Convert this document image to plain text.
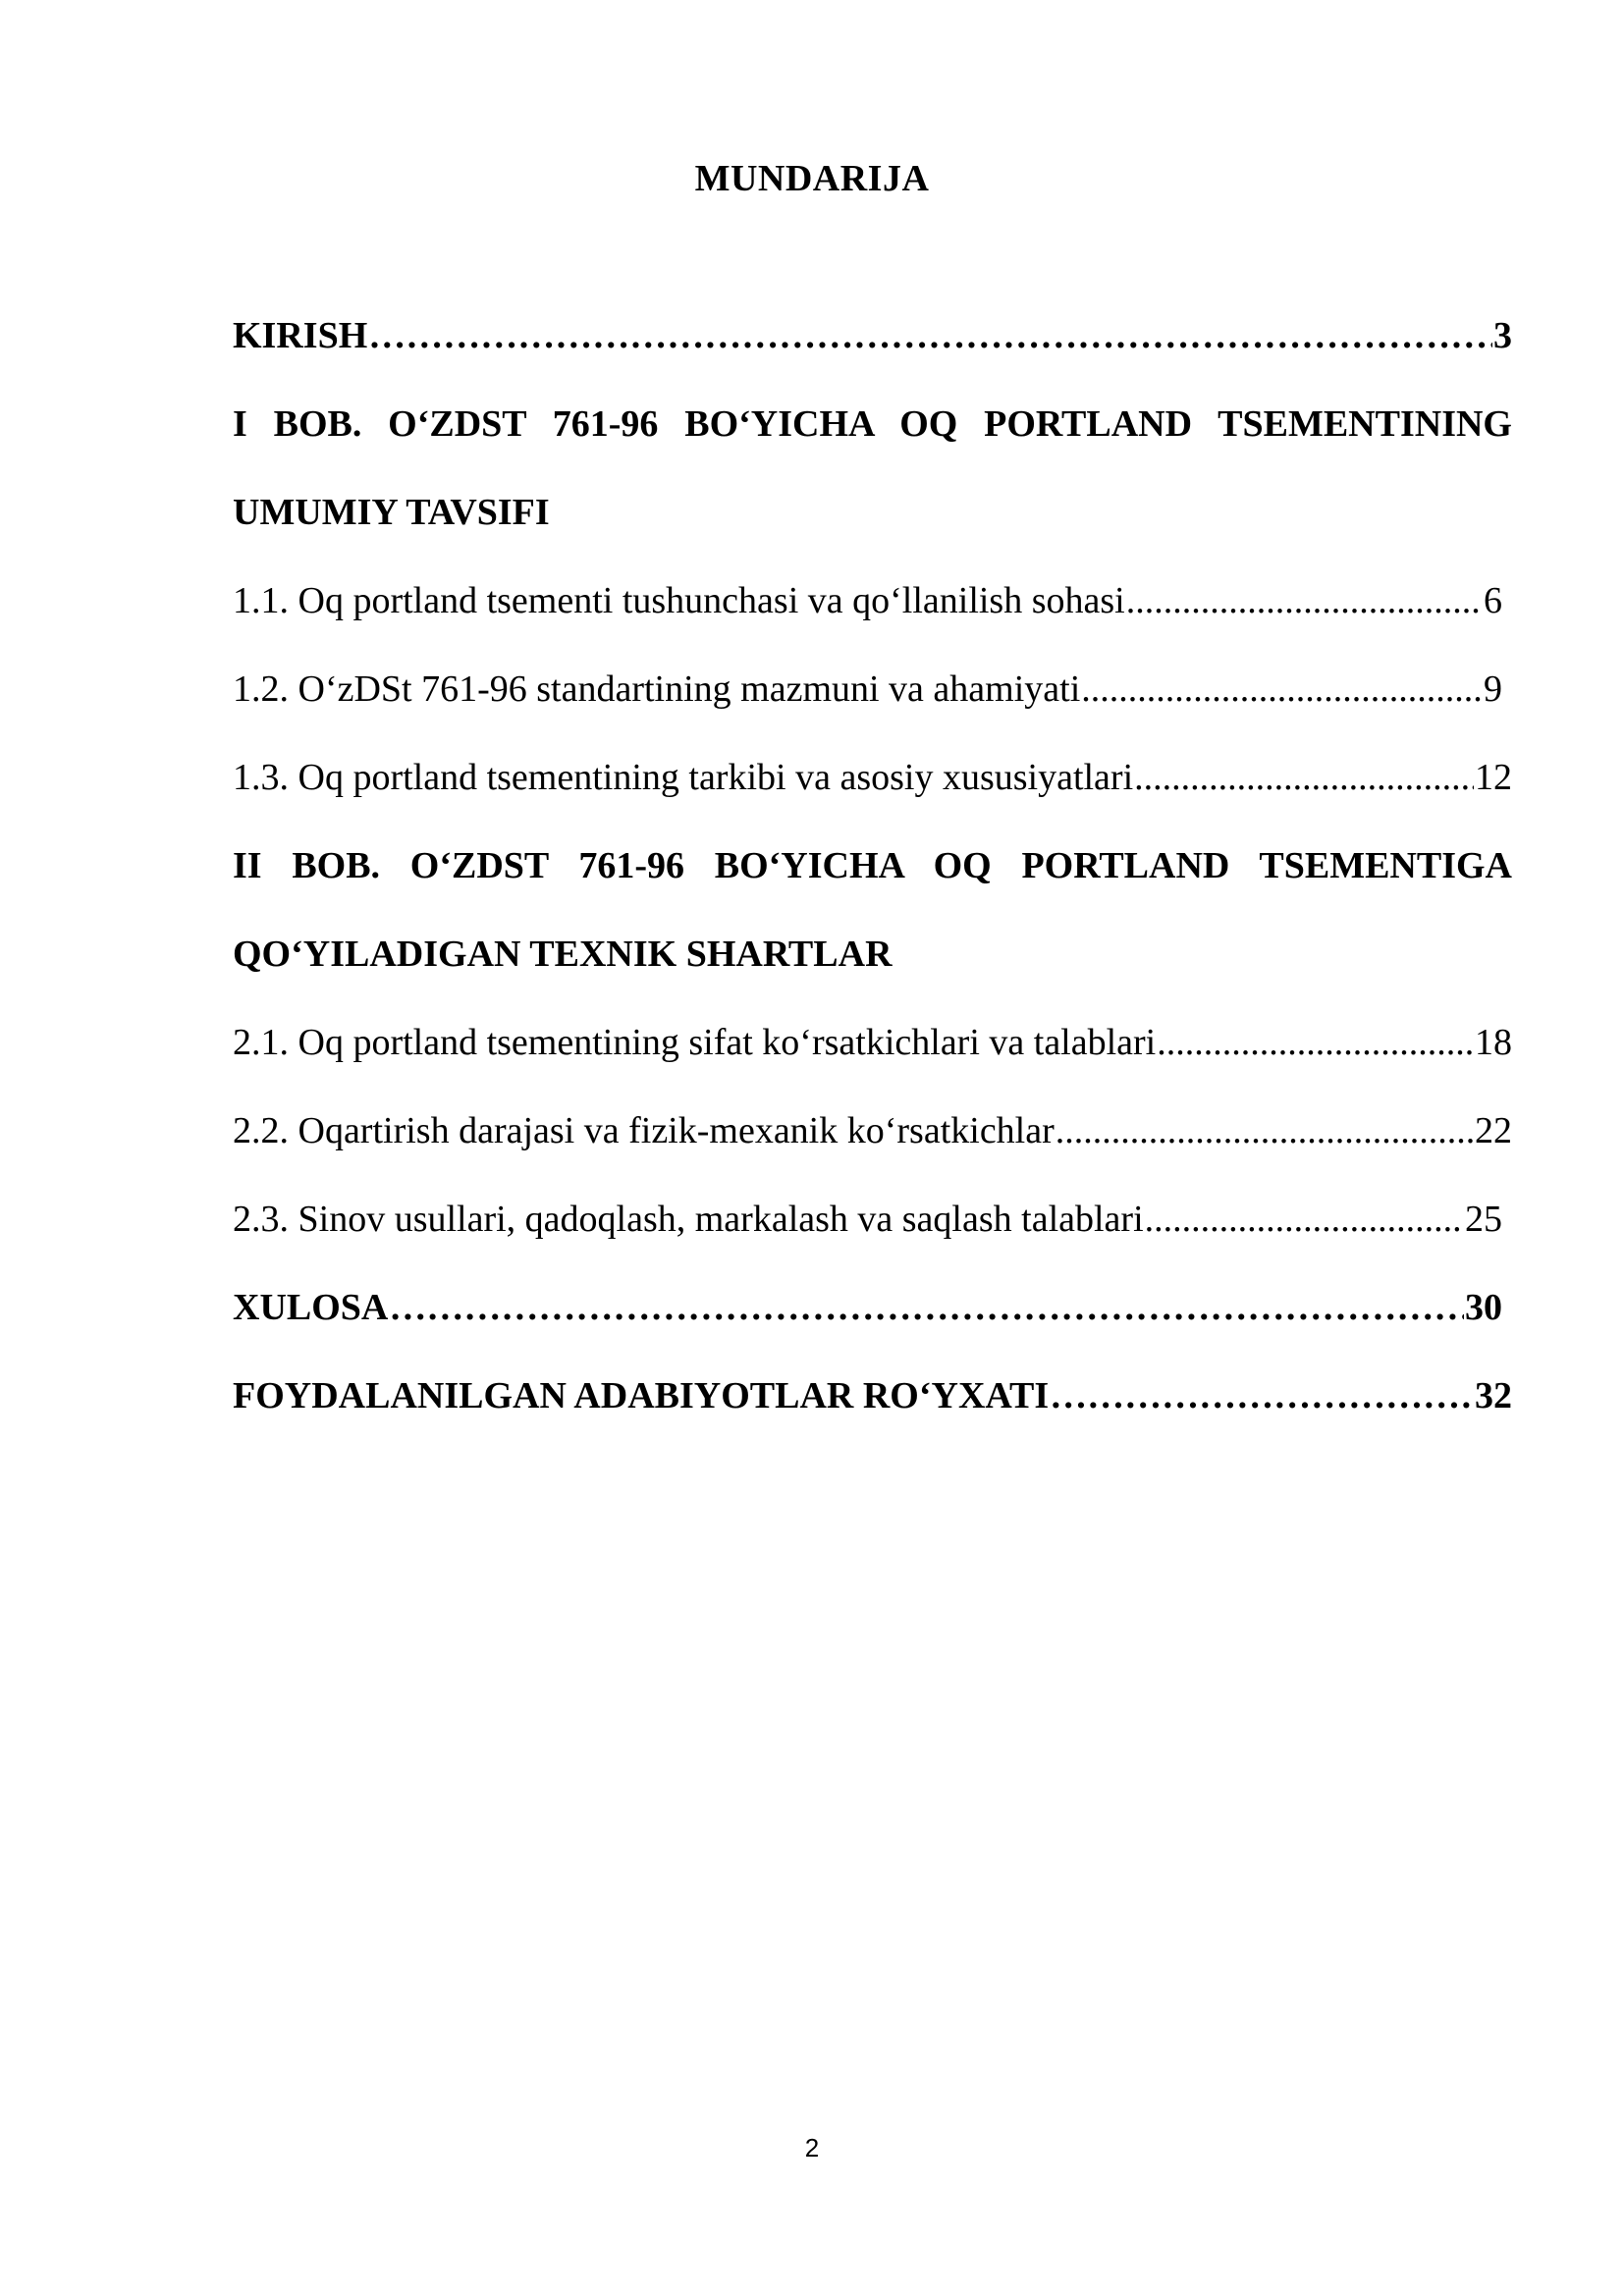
MUNDARIJA
KIRISH ………………………………………………………………………………………………………………………………………………………………………………	3
I BOB. O‘ZDST 761-96 BO‘YICHA OQ PORTLAND TSEMENTINING
UMUMIY TAVSIFI
1.1. Oq portland tsementi tushunchasi va qo‘llanilish sohasi .....	6
1.2. O‘zDSt 761-96 standartining mazmuni va ahamiyati .....	9
1.3. Oq portland tsementining tarkibi va asosiy xususiyatlari .....	12
II BOB. O‘ZDST 761-96 BO‘YICHA OQ PORTLAND TSEMENTIGA
QO‘YILADIGAN TEXNIK SHARTLAR
2.1. Oq portland tsementining sifat ko‘rsatkichlari va talablari .....	18
2.2. Oqartirish darajasi va fizik-mexanik ko‘rsatkichlar .....	22
2.3. Sinov usullari, qadoqlash, markalash va saqlash talablari .....	25
XULOSA ………………………………………………………………………………………………………………………………………………………………………………	30
FOYDALANILGAN ADABIYOTLAR RO‘YXATI ………………………………………………………………………………………………………………………………………………………………………………	32
2
